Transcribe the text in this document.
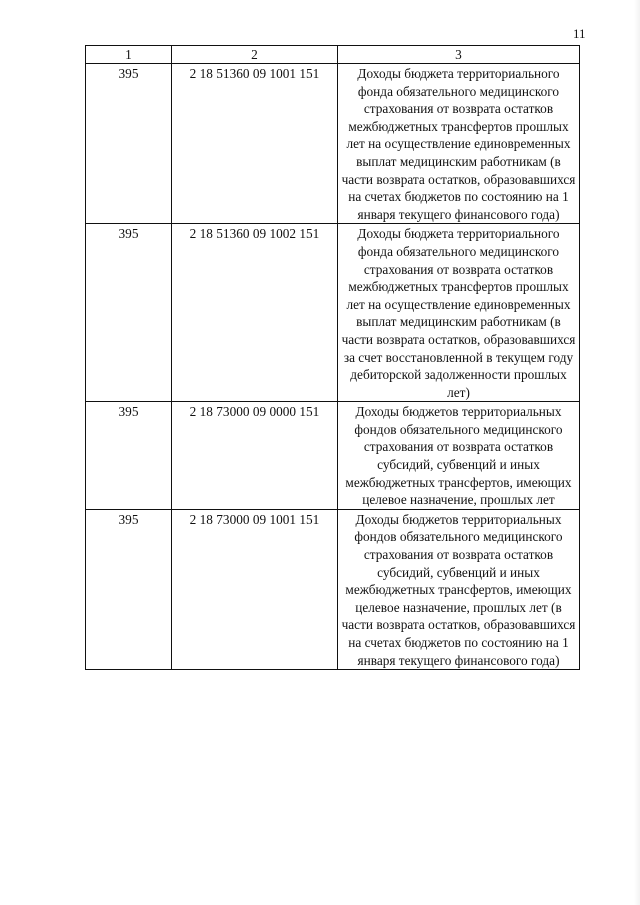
11
1	2	3
395	2 18 51360 09 1001 151	Доходы бюджета территориального фонда обязательного медицинского страхования от возврата остатков межбюджетных трансфертов прошлых лет на осуществление единовременных выплат медицинским работникам (в части возврата остатков, образовавшихся на счетах бюджетов по состоянию на 1 января текущего финансового года)
395	2 18 51360 09 1002 151	Доходы бюджета территориального фонда обязательного медицинского страхования от возврата остатков межбюджетных трансфертов прошлых лет на осуществление единовременных выплат медицинским работникам (в части возврата остатков, образовавшихся за счет восстановленной в текущем году дебиторской задолженности прошлых лет)
395	2 18 73000 09 0000 151	Доходы бюджетов территориальных фондов обязательного медицинского страхования от возврата остатков субсидий, субвенций и иных межбюджетных трансфертов, имеющих целевое назначение, прошлых лет
395	2 18 73000 09 1001 151	Доходы бюджетов территориальных фондов обязательного медицинского страхования от возврата остатков субсидий, субвенций и иных межбюджетных трансфертов, имеющих целевое назначение, прошлых лет (в части возврата остатков, образовавшихся на счетах бюджетов по состоянию на 1 января текущего финансового года)
